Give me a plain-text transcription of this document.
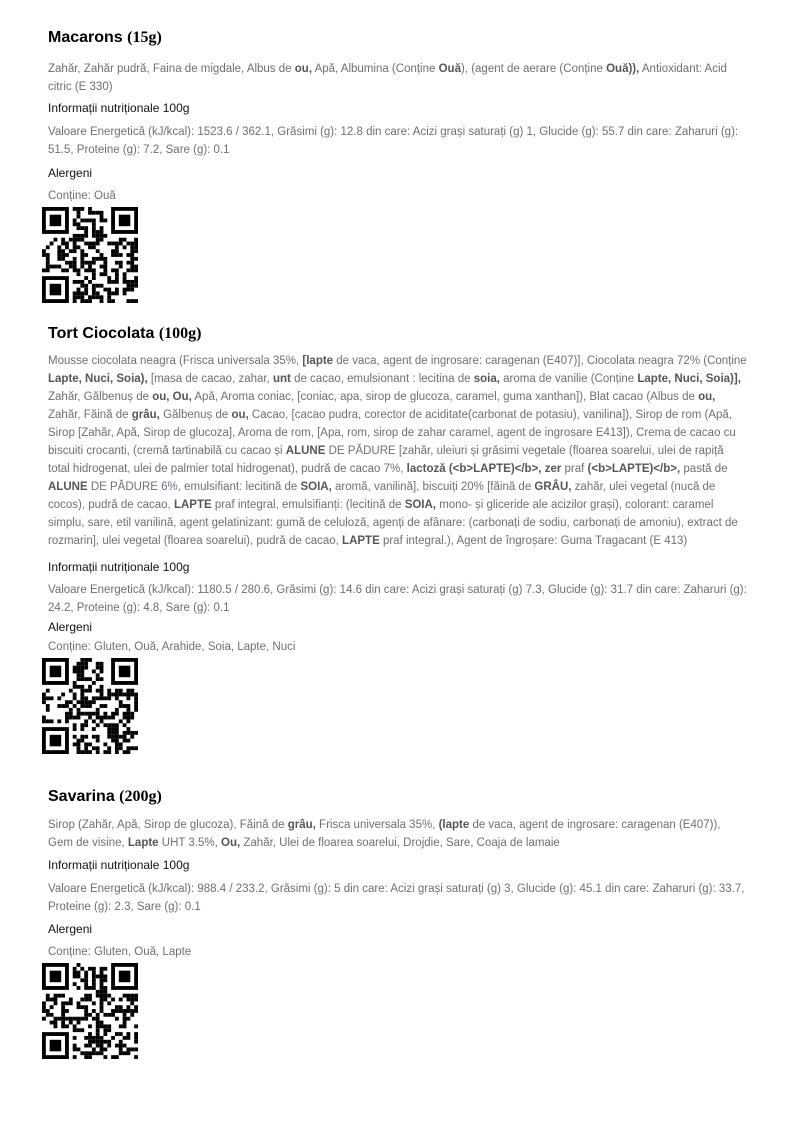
Macarons (15g)

Zahăr, Zahăr pudră, Faina de migdale, Albus de ou, Apă, Albumina (Conține Ouă), (agent de aerare (Conține Ouă)), Antioxidant: Acid citric (E 330)

Informații nutriționale 100g

Valoare Energetică (kJ/kcal): 1523.6 / 362.1, Grăsimi (g): 12.8 din care: Acizi grași saturați (g) 1, Glucide (g): 55.7 din care: Zaharuri (g): 51.5, Proteine (g): 7.2, Sare (g): 0.1

Alergeni

Conține: Ouă

Tort Ciocolata (100g)

Mousse ciocolata neagra (Frisca universala 35%, [lapte de vaca, agent de ingrosare: caragenan (E407)], Ciocolata neagra 72% (Conține Lapte, Nuci, Soia), [masa de cacao, zahar, unt de cacao, emulsionant : lecitina de soia, aroma de vanilie (Conține Lapte, Nuci, Soia)], Zahăr, Gălbenuș de ou, Ou, Apă, Aroma coniac, [coniac, apa, sirop de glucoza, caramel, guma xanthan]), Blat cacao (Albus de ou, Zahăr, Făină de grâu, Gălbenuș de ou, Cacao, [cacao pudra, corector de aciditate(carbonat de potasiu), vanilina]), Sirop de rom (Apă, Sirop [Zahăr, Apă, Sirop de glucoza], Aroma de rom, [Apa, rom, sirop de zahar caramel, agent de ingrosare E413]), Crema de cacao cu biscuiti crocanti, (cremă tartinabilă cu cacao și ALUNE DE PĂDURE [zahăr, uleiuri și grăsimi vegetale (floarea soarelui, ulei de rapiță total hidrogenat, ulei de palmier total hidrogenat), pudră de cacao 7%, lactoză (<b>LAPTE)</b>, zer praf (<b>LAPTE)</b>, pastă de ALUNE DE PĂDURE 6%, emulsifiant: lecitină de SOIA, aromă, vanilină], biscuiți 20% [făină de GRÂU, zahăr, ulei vegetal (nucă de cocos), pudră de cacao, LAPTE praf integral, emulsifianți: (lecitină de SOIA, mono- și gliceride ale acizilor grași), colorant: caramel simplu, sare, etil vanilină, agent gelatinizant: gumă de celuloză, agenți de afânare: (carbonați de sodiu, carbonați de amoniu), extract de rozmarin], ulei vegetal (floarea soarelui), pudră de cacao, LAPTE praf integral.), Agent de îngroșare: Guma Tragacant (E 413)

Informații nutriționale 100g

Valoare Energetică (kJ/kcal): 1180.5 / 280.6, Grăsimi (g): 14.6 din care: Acizi grași saturați (g) 7.3, Glucide (g): 31.7 din care: Zaharuri (g): 24.2, Proteine (g): 4.8, Sare (g): 0.1

Alergeni

Conține: Gluten, Ouă, Arahide, Soia, Lapte, Nuci

Savarina (200g)

Sirop (Zahăr, Apă, Sirop de glucoza), Făină de grâu, Frisca universala 35%, (lapte de vaca, agent de ingrosare: caragenan (E407)), Gem de visine, Lapte UHT 3.5%, Ou, Zahăr, Ulei de floarea soarelui, Drojdie, Sare, Coaja de lamaie

Informații nutriționale 100g

Valoare Energetică (kJ/kcal): 988.4 / 233.2, Grăsimi (g): 5 din care: Acizi grași saturați (g) 3, Glucide (g): 45.1 din care: Zaharuri (g): 33.7, Proteine (g): 2.3, Sare (g): 0.1

Alergeni

Conține: Gluten, Ouă, Lapte
